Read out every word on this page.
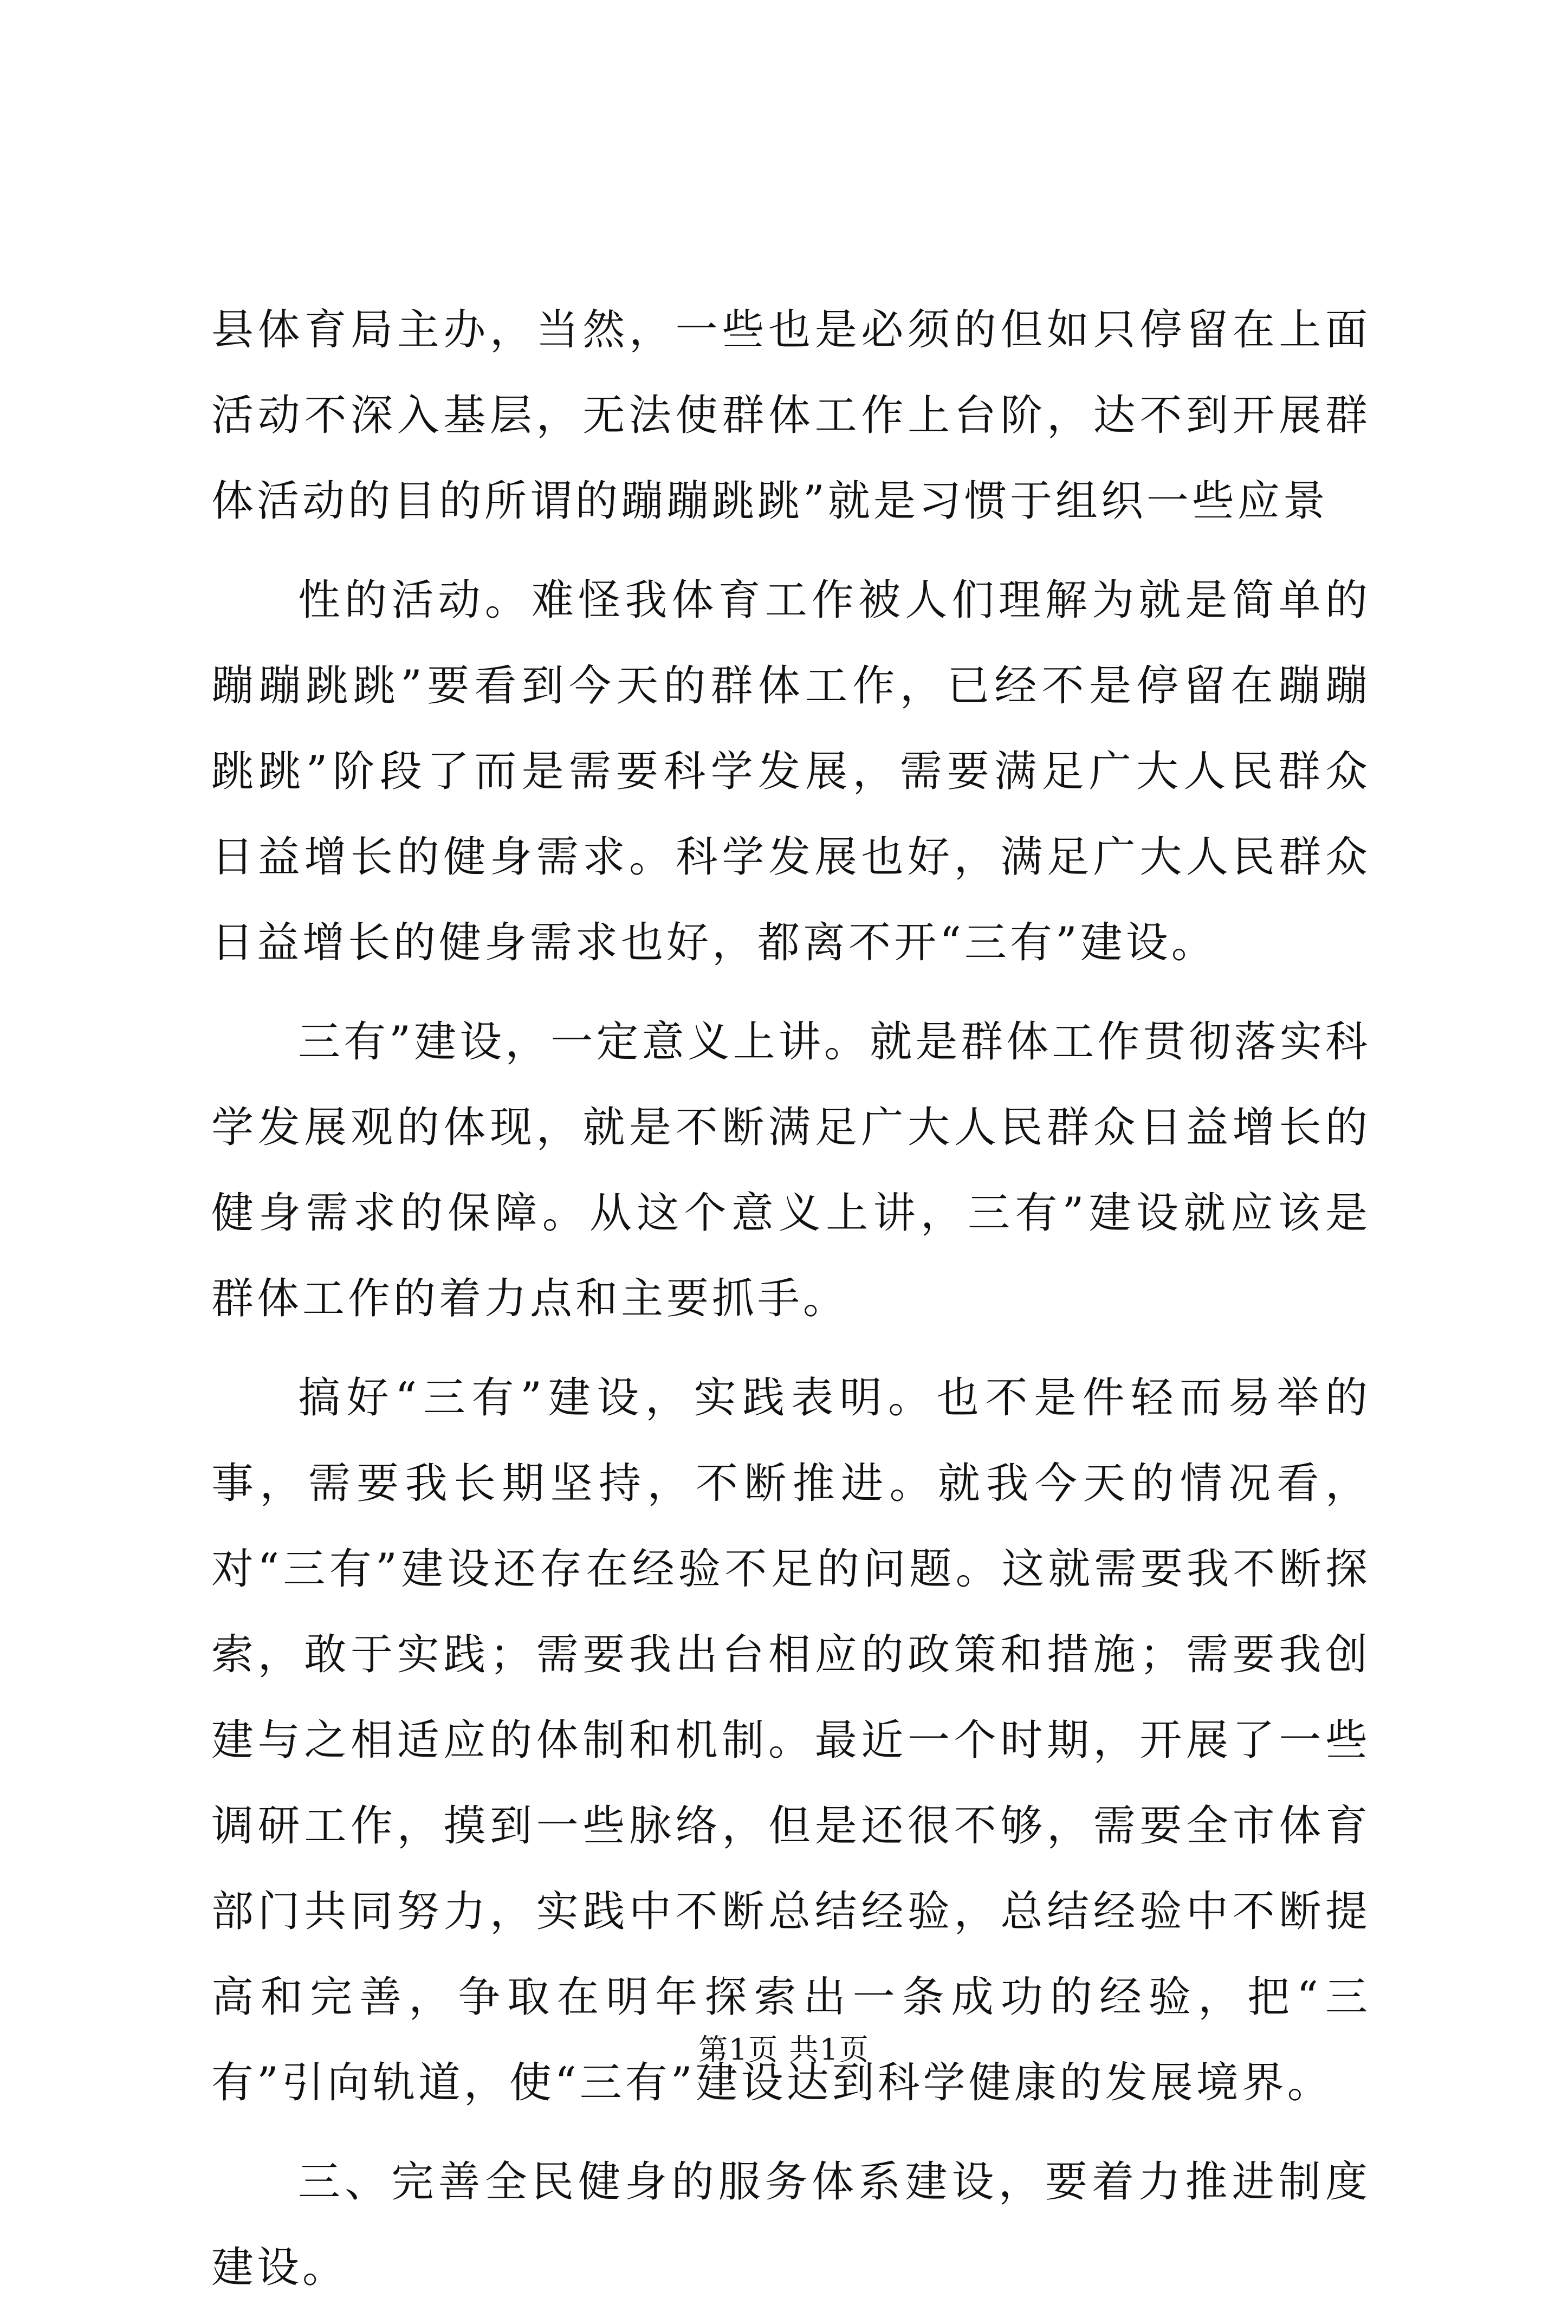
县体育局主办，当然，一些也是必须的但如只停留在上面活动不深入基层，无法使群体工作上台阶，达不到开展群体活动的目的所谓的蹦蹦跳跳”就是习惯于组织一些应景

性的活动。难怪我体育工作被人们理解为就是简单的蹦蹦跳跳”要看到今天的群体工作，已经不是停留在蹦蹦跳跳”阶段了而是需要科学发展，需要满足广大人民群众日益增长的健身需求。科学发展也好，满足广大人民群众日益增长的健身需求也好，都离不开“三有”建设。

三有”建设，一定意义上讲。就是群体工作贯彻落实科学发展观的体现，就是不断满足广大人民群众日益增长的健身需求的保障。从这个意义上讲，三有”建设就应该是群体工作的着力点和主要抓手。

搞好“三有”建设，实践表明。也不是件轻而易举的事，需要我长期坚持，不断推进。就我今天的情况看，对“三有”建设还存在经验不足的问题。这就需要我不断探索，敢于实践；需要我出台相应的政策和措施；需要我创建与之相适应的体制和机制。最近一个时期，开展了一些调研工作，摸到一些脉络，但是还很不够，需要全市体育部门共同努力，实践中不断总结经验，总结经验中不断提高和完善，争取在明年探索出一条成功的经验，把“三有”引向轨道，使“三有”建设达到科学健康的发展境界。

三、完善全民健身的服务体系建设，要着力推进制度建设。

第1页 共1页
